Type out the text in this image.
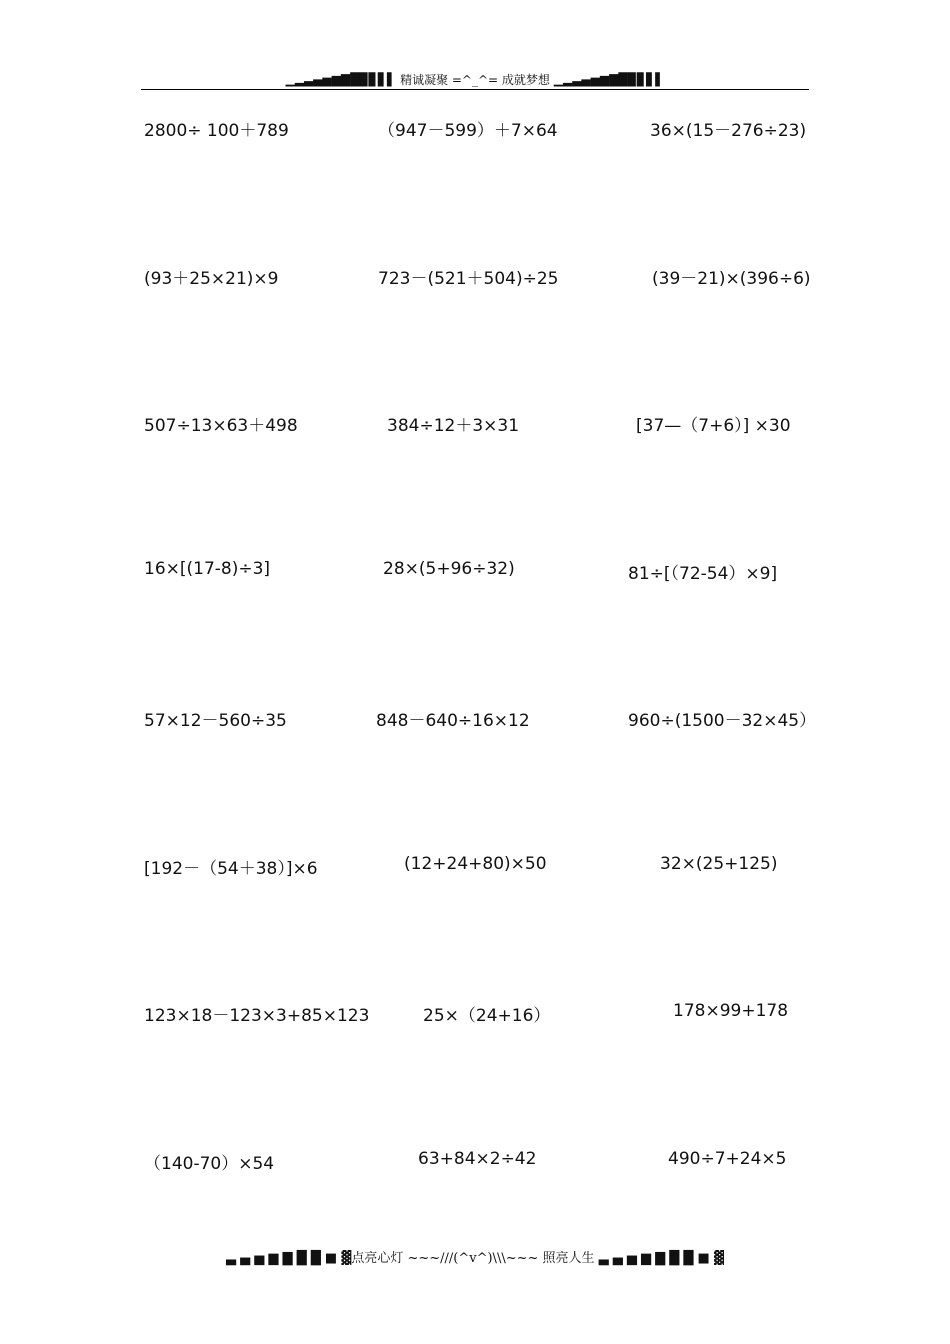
▁▂▃▄▅▆▇█▉▊▋▌ 精诚凝聚 =^_^= 成就梦想 ▁▂▃▄▅▆▇█▉▊▋▌
2800÷ 100＋789	（947－599）＋7×64	36×(15－276÷23)
(93＋25×21)×9	723－(521＋504)÷25	(39－21)×(396÷6)
507÷13×63＋498	384÷12＋3×31	[37—（7+6）] ×30
16×[(17-8)÷3]	28×(5+96÷32)	81÷[（72-54）×9]
57×12－560÷35	848－640÷16×12	960÷(1500－32×45）
[192－（54＋38）]×6	(12+24+80)×50	32×(25+125)
123×18－123×3+85×123	25×（24+16）	178×99+178
（140-70）×54	63+84×2÷42	490÷7+24×5
▃ ▄ ▅ ▆ ▇ █ █ ■ ▓点亮心灯 ~~~///(^v^)\\\~~~ 照亮人生 ▃ ▄ ▅ ▆ ▇ █ █ ■ ▓
